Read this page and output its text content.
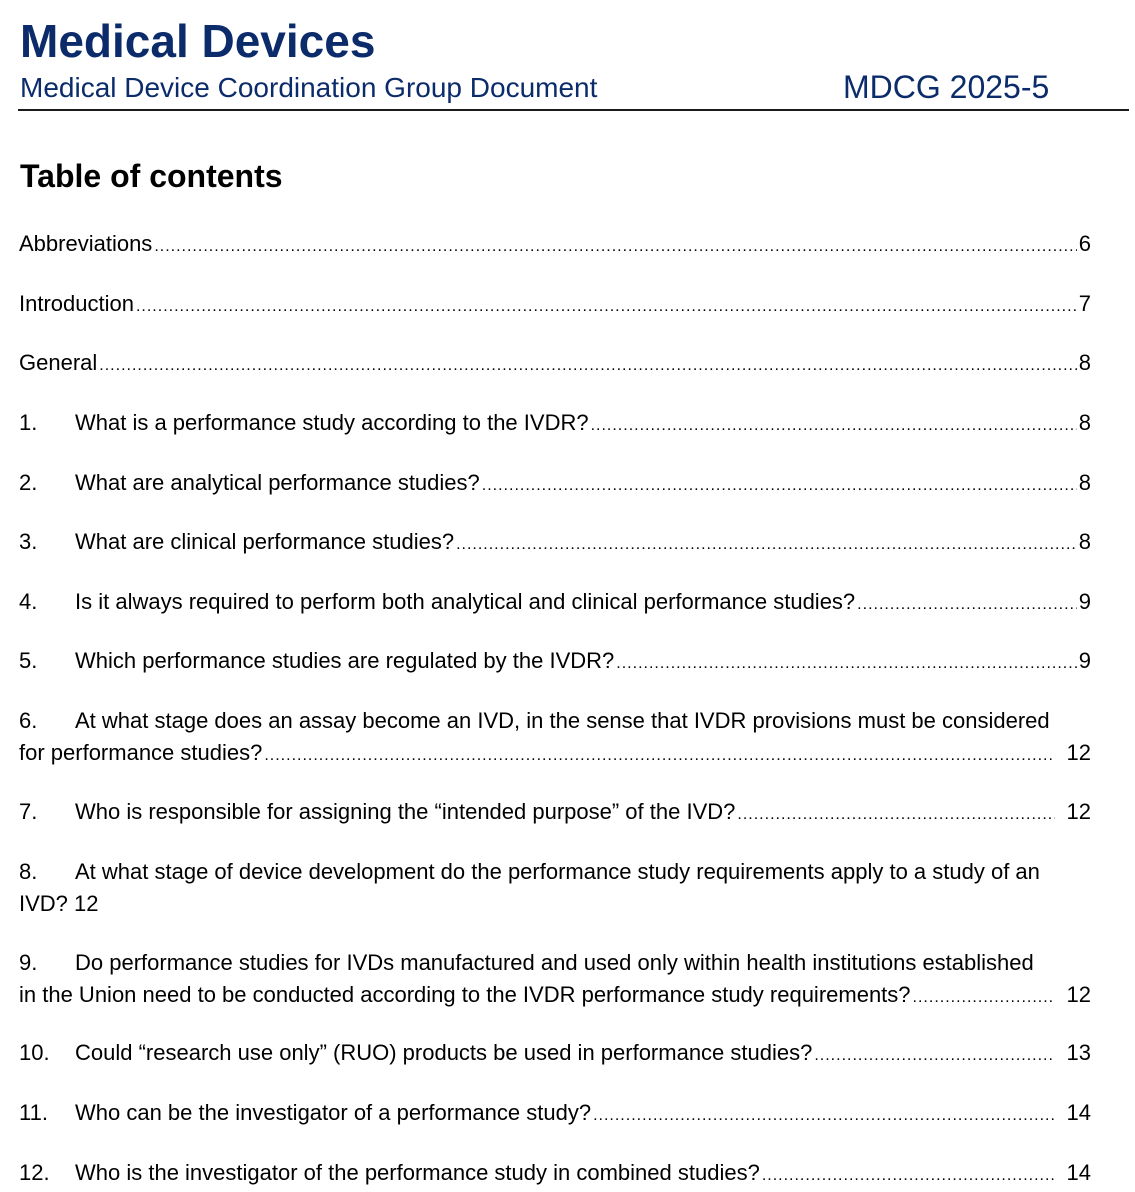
Medical Devices
Medical Device Coordination Group Document	MDCG 2025-5
Table of contents
Abbreviations .....	6
Introduction .....	7
General .....	8
1.	What is a performance study according to the IVDR? .....	8
2.	What are analytical performance studies? .....	8
3.	What are clinical performance studies? .....	8
4.	Is it always required to perform both analytical and clinical performance studies? .....	9
5.	Which performance studies are regulated by the IVDR? .....	9
6. At what stage does an assay become an IVD, in the sense that IVDR provisions must be considered
for performance studies? .....	12
7.	Who is responsible for assigning the “intended purpose” of the IVD? .....	12
8. At what stage of device development do the performance study requirements apply to a study of an
IVD? 12
9. Do performance studies for IVDs manufactured and used only within health institutions established
in the Union need to be conducted according to the IVDR performance study requirements? .....	12
10.	Could “research use only” (RUO) products be used in performance studies? .....	13
11.	Who can be the investigator of a performance study? .....	14
12.	Who is the investigator of the performance study in combined studies? .....	14
